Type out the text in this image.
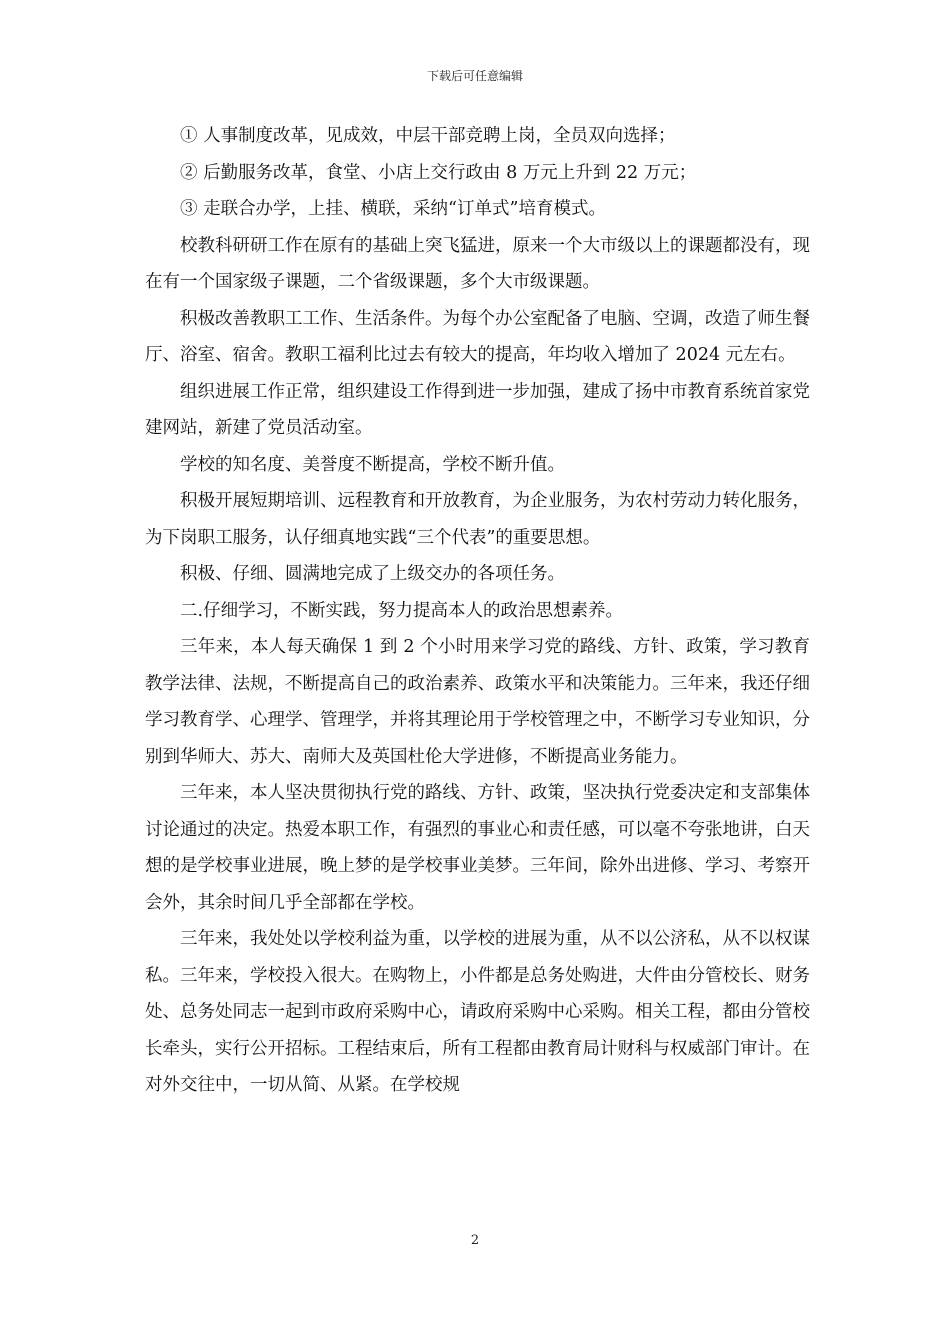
下载后可任意编辑

① 人事制度改革，见成效，中层干部竞聘上岗，全员双向选择；

② 后勤服务改革，食堂、小店上交行政由 8 万元上升到 22 万元；

③ 走联合办学，上挂、横联，采纳“订单式”培育模式。

校教科研研工作在原有的基础上突飞猛进，原来一个大市级以上的课题都没有，现在有一个国家级子课题，二个省级课题，多个大市级课题。

积极改善教职工工作、生活条件。为每个办公室配备了电脑、空调，改造了师生餐厅、浴室、宿舍。教职工福利比过去有较大的提高，年均收入增加了 2024 元左右。

组织进展工作正常，组织建设工作得到进一步加强，建成了扬中市教育系统首家党建网站，新建了党员活动室。

学校的知名度、美誉度不断提高，学校不断升值。

积极开展短期培训、远程教育和开放教育，为企业服务，为农村劳动力转化服务，为下岗职工服务，认仔细真地实践“三个代表”的重要思想。

积极、仔细、圆满地完成了上级交办的各项任务。

二.仔细学习，不断实践，努力提高本人的政治思想素养。

三年来，本人每天确保 1 到 2 个小时用来学习党的路线、方针、政策，学习教育教学法律、法规，不断提高自己的政治素养、政策水平和决策能力。三年来，我还仔细学习教育学、心理学、管理学，并将其理论用于学校管理之中，不断学习专业知识，分别到华师大、苏大、南师大及英国杜伦大学进修，不断提高业务能力。

三年来，本人坚决贯彻执行党的路线、方针、政策，坚决执行党委决定和支部集体讨论通过的决定。热爱本职工作，有强烈的事业心和责任感，可以毫不夸张地讲，白天想的是学校事业进展，晚上梦的是学校事业美梦。三年间，除外出进修、学习、考察开会外，其余时间几乎全部都在学校。

三年来，我处处以学校利益为重，以学校的进展为重，从不以公济私，从不以权谋私。三年来，学校投入很大。在购物上，小件都是总务处购进，大件由分管校长、财务处、总务处同志一起到市政府采购中心，请政府采购中心采购。相关工程，都由分管校长牵头，实行公开招标。工程结束后，所有工程都由教育局计财科与权威部门审计。在对外交往中，一切从简、从紧。在学校规

2
